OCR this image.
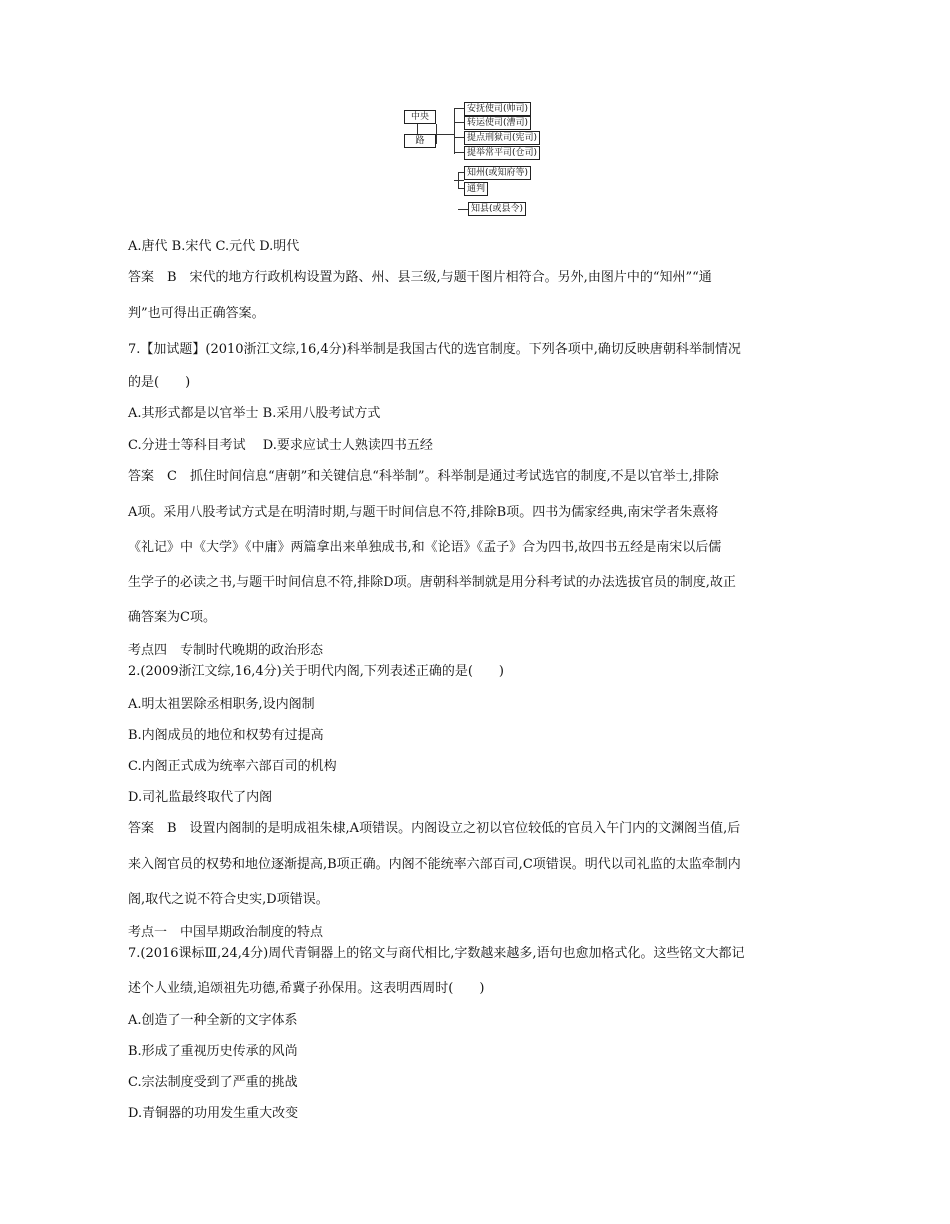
中央
路
安抚使司(帅司)
转运使司(漕司)
提点刑狱司(宪司)
提举常平司(仓司)
知州(或知府等)
通判
知县(或县令)
A.唐代 B.宋代 C.元代 D.明代
答案　B　宋代的地方行政机构设置为路、州、县三级,与题干图片相符合。另外,由图片中的“知州”“通
判”也可得出正确答案。
7.【加试题】(2010浙江文综,16,4分)科举制是我国古代的选官制度。下列各项中,确切反映唐朝科举制情况
的是(　　)
A.其形式都是以官举士 B.采用八股考试方式
C.分进士等科目考试　 D.要求应试士人熟读四书五经
答案　C　抓住时间信息“唐朝”和关键信息“科举制”。科举制是通过考试选官的制度,不是以官举士,排除
A项。采用八股考试方式是在明清时期,与题干时间信息不符,排除B项。四书为儒家经典,南宋学者朱熹将
《礼记》中《大学》《中庸》两篇拿出来单独成书,和《论语》《孟子》合为四书,故四书五经是南宋以后儒
生学子的必读之书,与题干时间信息不符,排除D项。唐朝科举制就是用分科考试的办法选拔官员的制度,故正
确答案为C项。
考点四　专制时代晚期的政治形态
2.(2009浙江文综,16,4分)关于明代内阁,下列表述正确的是(　　)
A.明太祖罢除丞相职务,设内阁制
B.内阁成员的地位和权势有过提高
C.内阁正式成为统率六部百司的机构
D.司礼监最终取代了内阁
答案　B　设置内阁制的是明成祖朱棣,A项错误。内阁设立之初以官位较低的官员入午门内的文渊阁当值,后
来入阁官员的权势和地位逐渐提高,B项正确。内阁不能统率六部百司,C项错误。明代以司礼监的太监牵制内
阁,取代之说不符合史实,D项错误。
考点一　中国早期政治制度的特点
7.(2016课标Ⅲ,24,4分)周代青铜器上的铭文与商代相比,字数越来越多,语句也愈加格式化。这些铭文大都记
述个人业绩,追颂祖先功德,希冀子孙保用。这表明西周时(　　)
A.创造了一种全新的文字体系
B.形成了重视历史传承的风尚
C.宗法制度受到了严重的挑战
D.青铜器的功用发生重大改变
